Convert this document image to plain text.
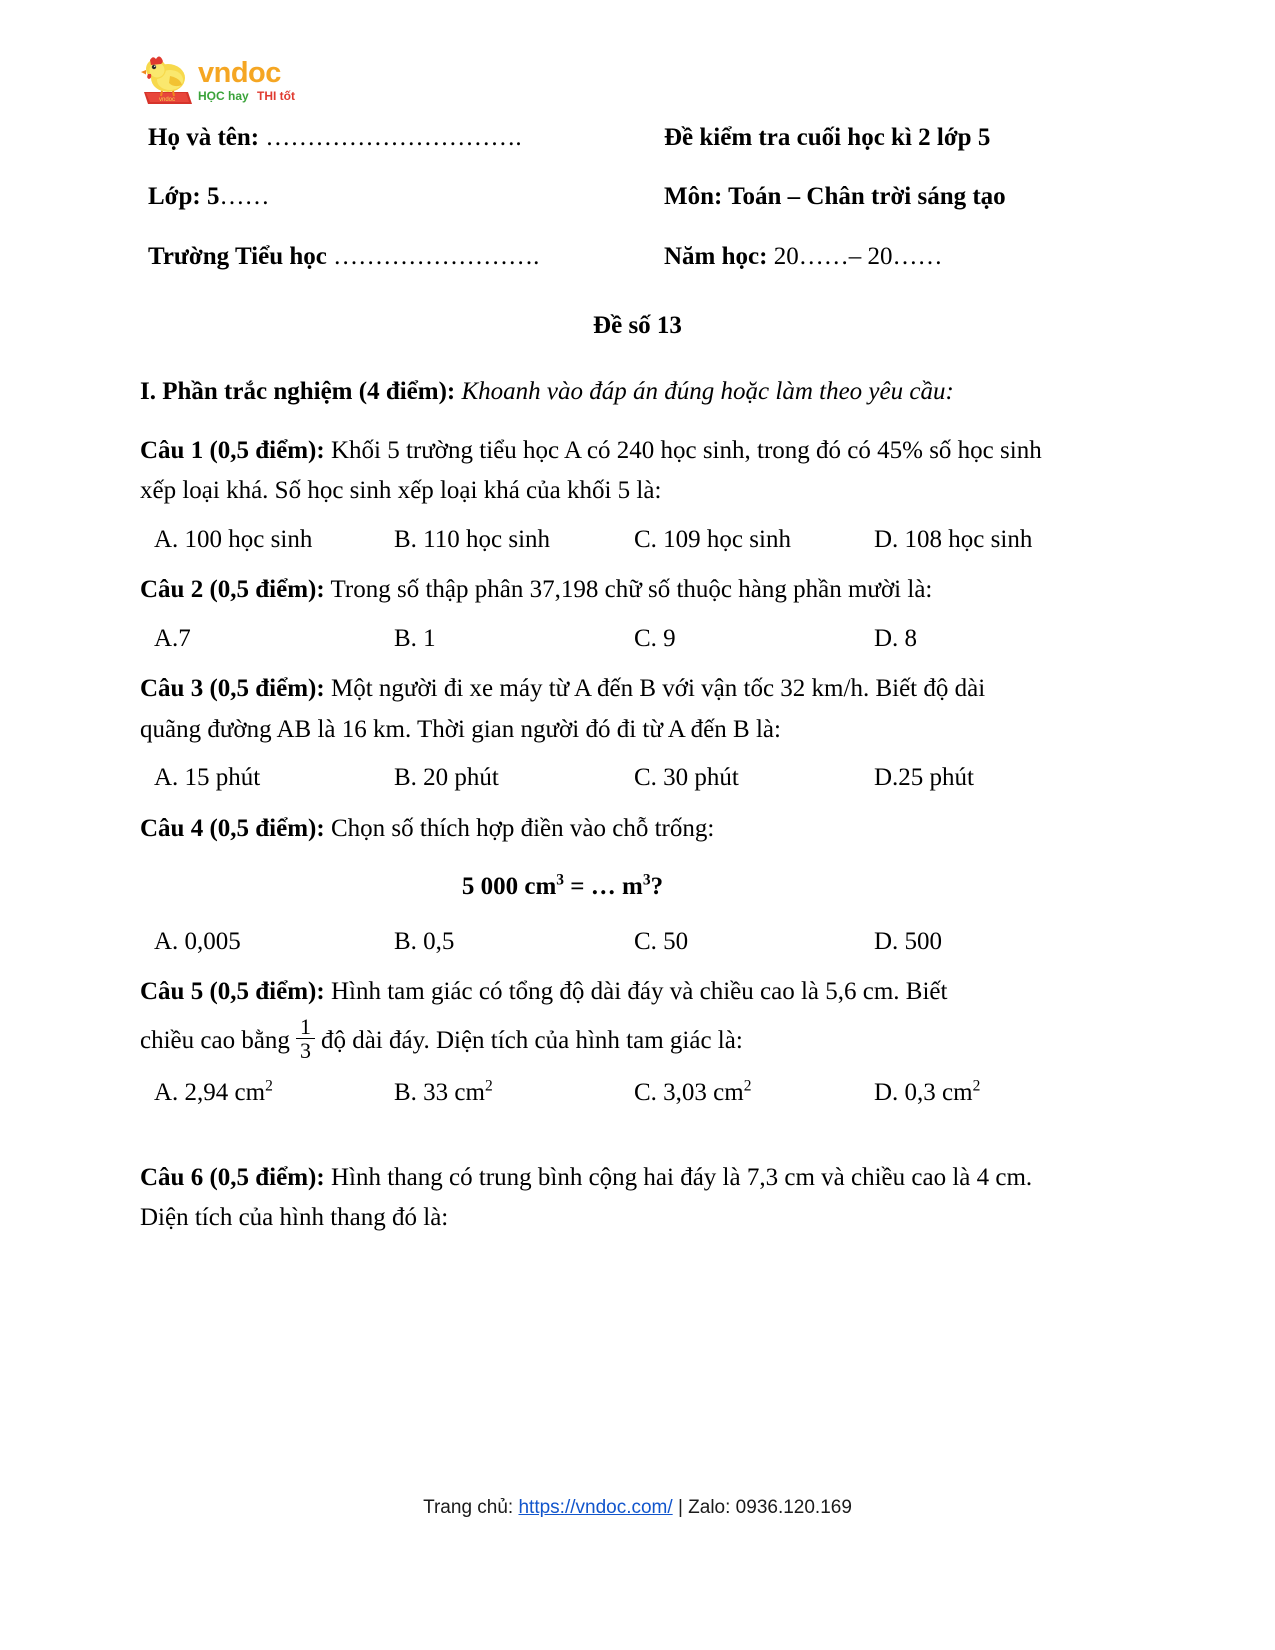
vndoc
vndoc
HỌC hay THI tốt
Họ và tên: ………………………….	Đề kiểm tra cuối học kì 2 lớp 5
Lớp: 5……	Môn: Toán – Chân trời sáng tạo
Trường Tiểu học …………………….	Năm học: 20……– 20……
Đề số 13

I. Phần trắc nghiệm (4 điểm): Khoanh vào đáp án đúng hoặc làm theo yêu cầu:

Câu 1 (0,5 điểm): Khối 5 trường tiểu học A có 240 học sinh, trong đó có 45% số học sinh xếp loại khá. Số học sinh xếp loại khá của khối 5 là:

A. 100 học sinh	B. 110 học sinh	C. 109 học sinh	D. 108 học sinh

Câu 2 (0,5 điểm): Trong số thập phân 37,198 chữ số thuộc hàng phần mười là:

A.7	B. 1	C. 9	D. 8

Câu 3 (0,5 điểm): Một người đi xe máy từ A đến B với vận tốc 32 km/h. Biết độ dài quãng đường AB là 16 km. Thời gian người đó đi từ A đến B là:

A. 15 phút	B. 20 phút	C. 30 phút	D.25 phút

Câu 4 (0,5 điểm): Chọn số thích hợp điền vào chỗ trống:

5 000 $cm^3$ = … $m^3$?
A. 0,005	B. 0,5	C. 50	D. 500

Câu 5 (0,5 điểm): Hình tam giác có tổng độ dài đáy và chiều cao là 5,6 cm. Biết

chiều cao bằng $\frac{1}{3}$ độ dài đáy. Diện tích của hình tam giác là:
A. 2,94 $cm^2$	B. 33 $cm^2$	C. 3,03 $cm^2$	D. 0,3 $cm^2$

Câu 6 (0,5 điểm): Hình thang có trung bình cộng hai đáy là 7,3 cm và chiều cao là 4 cm. Diện tích của hình thang đó là:

Trang chủ: https://vndoc.com/ | Zalo: 0936.120.169
